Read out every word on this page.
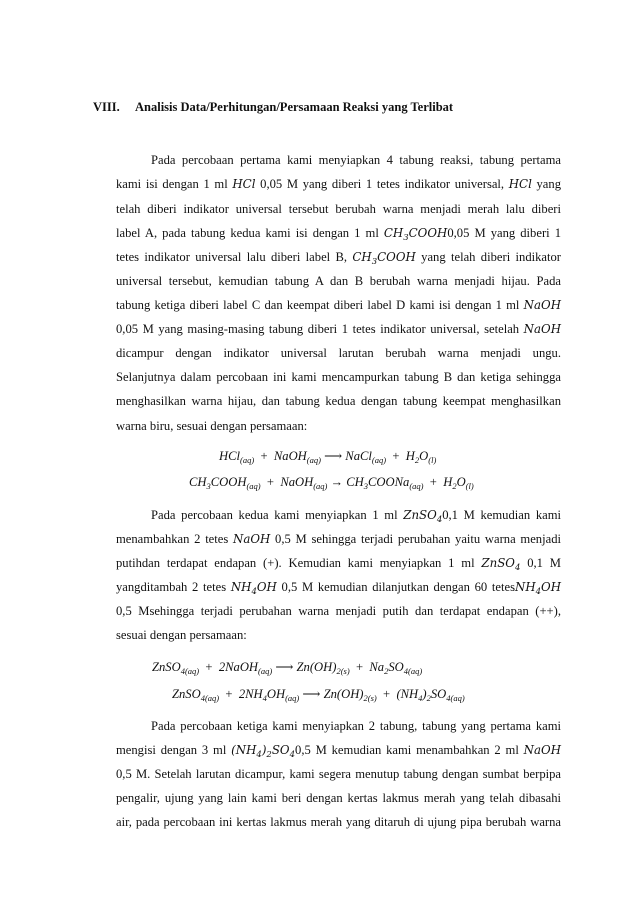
VIII. Analisis Data/Perhitungan/Persamaan Reaksi yang Terlibat
Pada percobaan pertama kami menyiapkan 4 tabung reaksi, tabung pertama
kami isi dengan 1 ml HCl 0,05 M yang diberi 1 tetes indikator universal, HCl yang
telah diberi indikator universal tersebut berubah warna menjadi merah lalu diberi
label A, pada tabung kedua kami isi dengan 1 ml $CH_3COOH0,05$ M yang diberi 1
tetes indikator universal lalu diberi label B, $CH_3COOH$ yang telah diberi indikator
universal tersebut, kemudian tabung A dan B berubah warna menjadi hijau. Pada
tabung ketiga diberi label C dan keempat diberi label D kami isi dengan 1 ml NaOH
0,05 M yang masing-masing tabung diberi 1 tetes indikator universal, setelah NaOH
dicampur dengan indikator universal larutan berubah warna menjadi ungu.
Selanjutnya dalam percobaan ini kami mencampurkan tabung B dan ketiga sehingga
menghasilkan warna hijau, dan tabung kedua dengan tabung keempat menghasilkan
warna biru, sesuai dengan persamaan:
HCl$_{(aq)}$  +  NaOH$_{(aq)}$ ⟶ NaCl$_{(aq)}$  +  $H_2O_{(l)}$
$CH_3COOH_{(aq)}$  +  NaOH$_{(aq)}$ → $CH_3COONa_{(aq)} + H_2O_{(l)}$
Pada percobaan kedua kami menyiapkan 1 ml ZnSO$_4$0,1 M kemudian kami
menambahkan 2 tetes NaOH 0,5 M sehingga terjadi perubahan yaitu warna menjadi
putihdan terdapat endapan (+). Kemudian kami menyiapkan 1 ml ZnSO$_4$ 0,1 M
yangditambah 2 tetes $NH_4OH$ 0,5 M kemudian dilanjutkan dengan 60 tetesNH$_4$OH
0,5 Msehingga terjadi perubahan warna menjadi putih dan terdapat endapan (++),
sesuai dengan persamaan:
ZnSO$_{4(aq)}$  +  2NaOH$_{(aq)}$ ⟶ $Zn(OH)_{2(s)} + Na_2SO_{4(aq)}$
ZnSO$_{4(aq)}$  +  $2NH_4OH_{(aq)}$ ⟶ $Zn(OH)_{2(s)} + (NH_4)_2SO_{4(aq)}$
Pada percobaan ketiga kami menyiapkan 2 tabung, tabung yang pertama kami
mengisi dengan 3 ml $(NH_4)_2SO_40,5$ M kemudian kami menambahkan 2 ml NaOH
0,5 M. Setelah larutan dicampur, kami segera menutup tabung dengan sumbat berpipa
pengalir, ujung yang lain kami beri dengan kertas lakmus merah yang telah dibasahi
air, pada percobaan ini kertas lakmus merah yang ditaruh di ujung pipa berubah warna
